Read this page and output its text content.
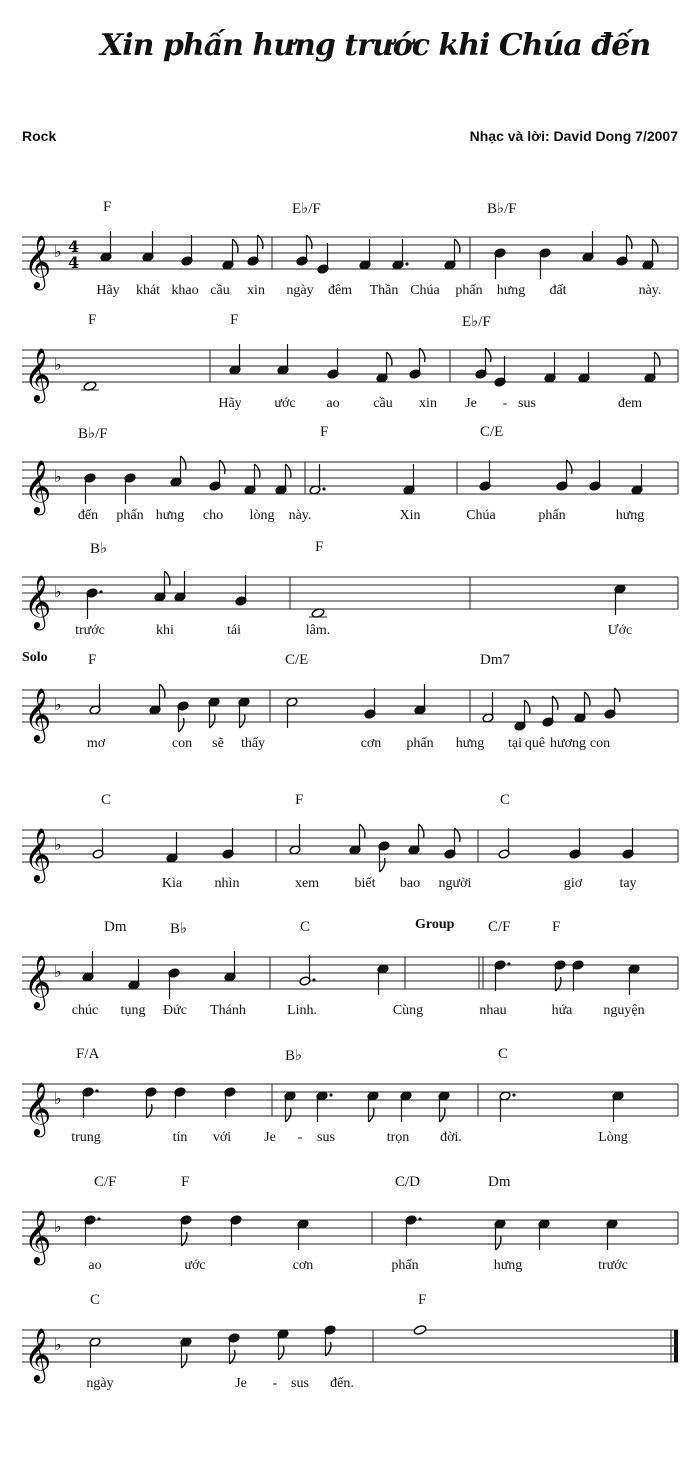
Xin phấn hưng trước khi Chúa đến
Rock	Nhạc và lời: David Dong 7/2007
𝄞 ♭ 4
4
F	E♭/F	B♭/F
Hãy khát khao cầu xin ngày đêm Thần Chúa phấn hưng đất	này.
𝄞 ♭
F	F	E♭/F
Hãy ước ao cầu xin Je - sus	đem
𝄞 ♭
B♭/F	F	C/E
đến phấn hưng cho lòng này.	Xin	Chúa	phấn	hưng
𝄞 ♭
B♭	F
trước	khi	tái	lâm.	Ước
𝄞 ♭
F	C/E	Dm7
mơ	con sẽ thấy	cơn phấn hưng tại quê hương con
Solo
𝄞 ♭
C	F	C
Kìa nhìn	xem	biết bao người	giơ	tay
𝄞 ♭
Dm	B♭	C	C/F	F
chúc tụng Đức Thánh	Linh.	Cùng	nhau	hứa nguyện
Group
𝄞 ♭
F/A	B♭	C
trung	tín với Je - sus	trọn đời.	Lòng
𝄞 ♭
C/F	F	C/D	Dm
ao	ước	cơn	phấn	hưng	trước
𝄞 ♭
C	F
ngày	Je - sus đến.
